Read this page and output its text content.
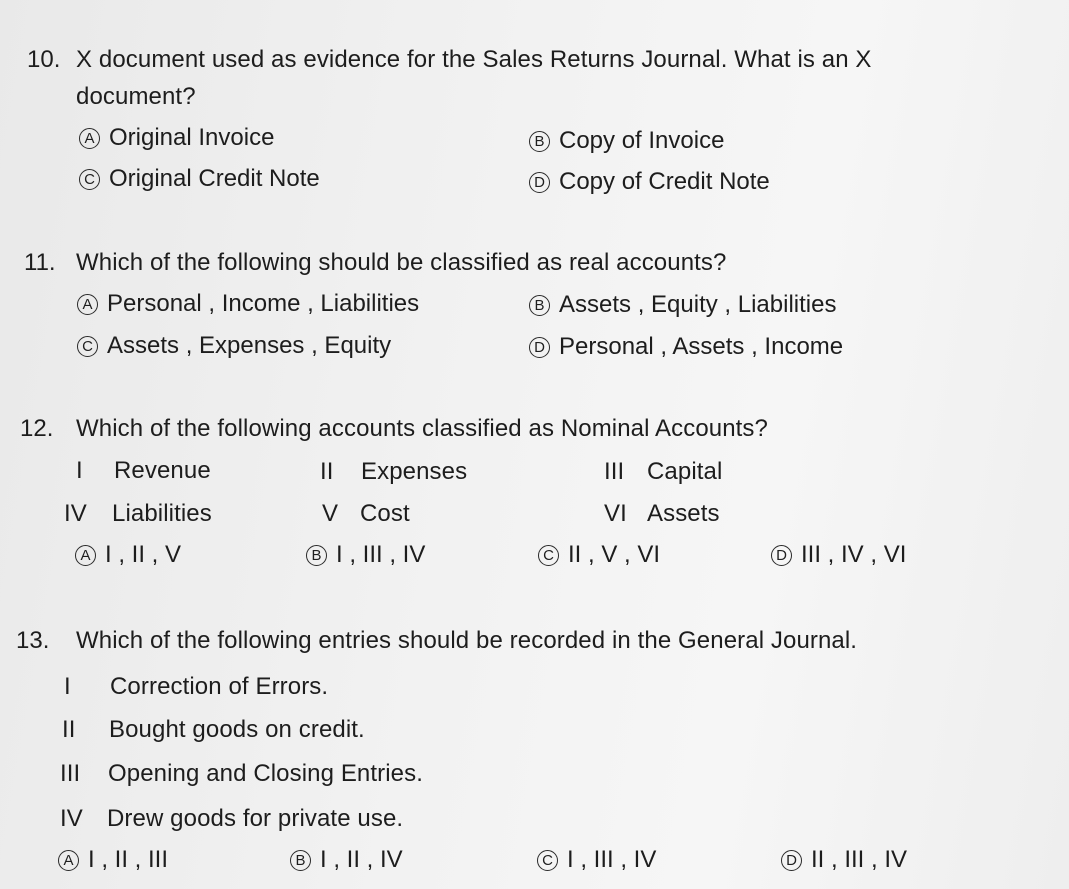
10. X document used as evidence for the Sales Returns Journal. What is an X
document?
A Original Invoice	B Copy of Invoice
C Original Credit Note	D Copy of Credit Note
11. Which of the following should be classified as real accounts?
A Personal , Income , Liabilities	B Assets , Equity , Liabilities
C Assets , Expenses , Equity	D Personal , Assets , Income
12. Which of the following accounts classified as Nominal Accounts?
I Revenue	II Expenses	III Capital
IV Liabilities	V Cost	VI Assets
A I , II , V	B I , III , IV	C II , V , VI	D III , IV , VI
13. Which of the following entries should be recorded in the General Journal.
I Correction of Errors.
II Bought goods on credit.
III Opening and Closing Entries.
IV Drew goods for private use.
A I , II , III	B I , II , IV	C I , III , IV	D II , III , IV
